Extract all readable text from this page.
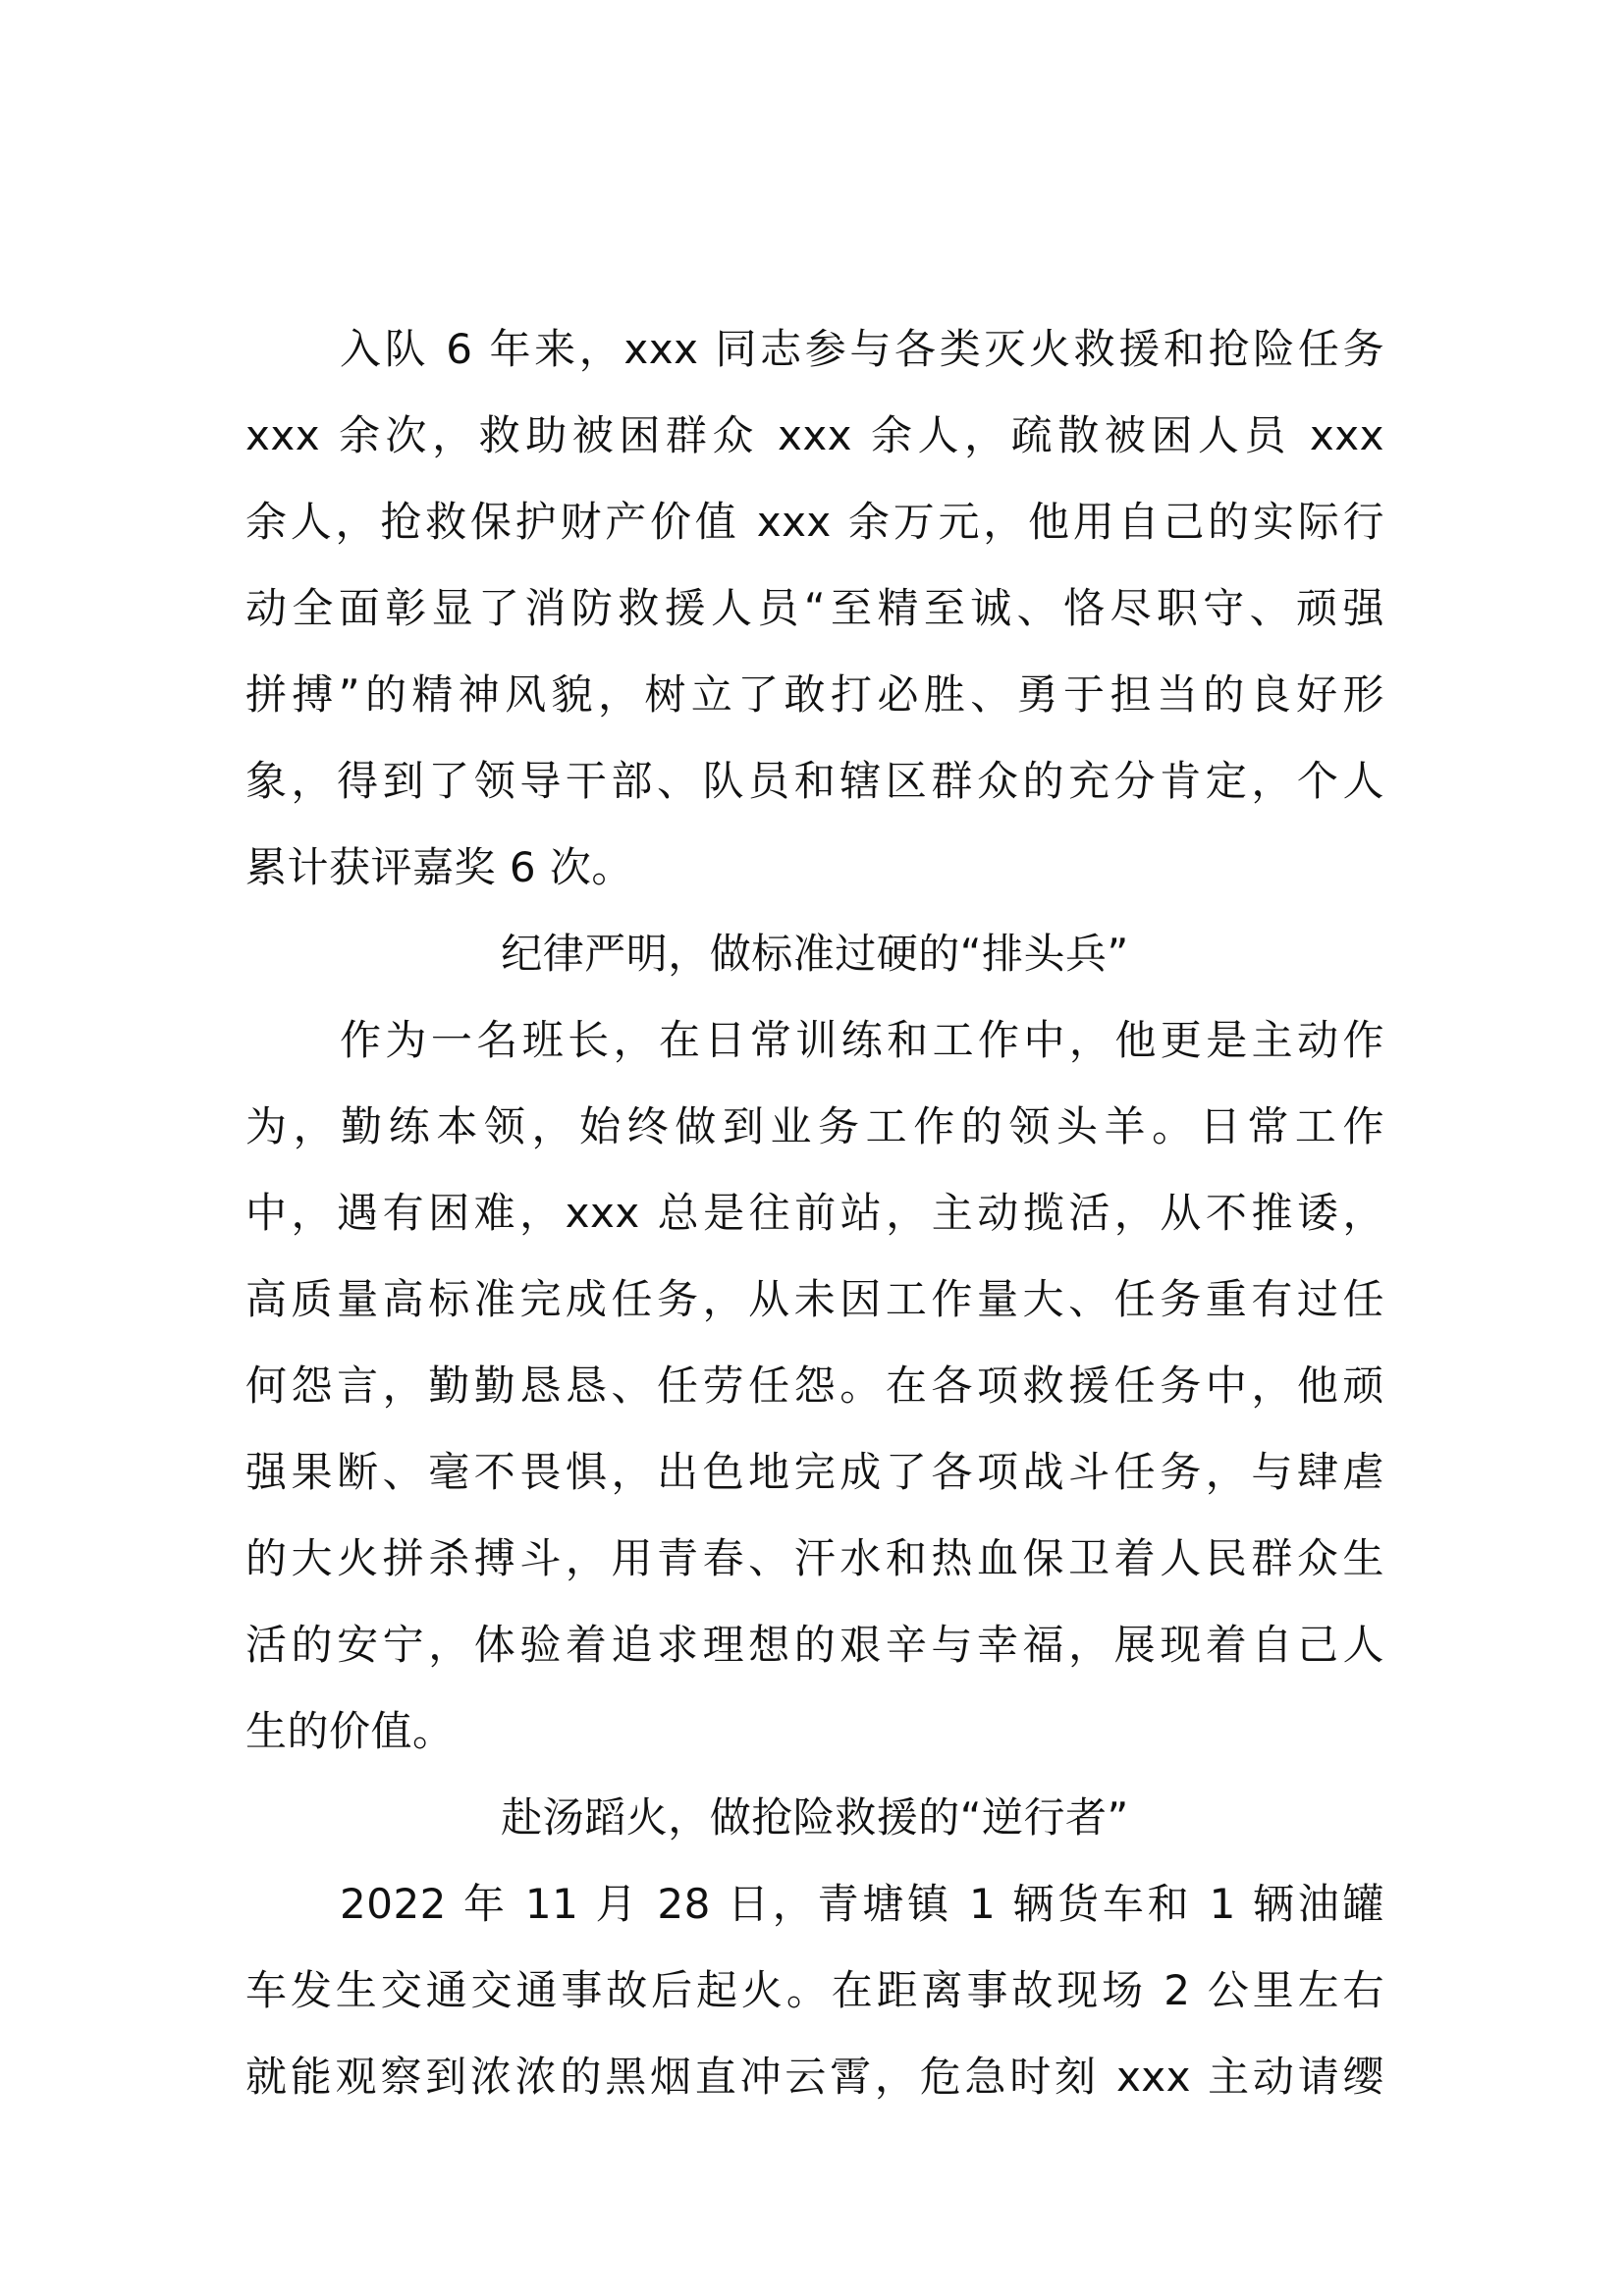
入队 6 年来，xxx 同志参与各类灭火救援和抢险任务
xxx 余次，救助被困群众 xxx 余人，疏散被困人员 xxx
余人，抢救保护财产价值 xxx 余万元，他用自己的实际行
动全面彰显了消防救援人员“至精至诚、恪尽职守、顽强
拼搏”的精神风貌，树立了敢打必胜、勇于担当的良好形
象，得到了领导干部、队员和辖区群众的充分肯定，个人
累计获评嘉奖 6 次。
纪律严明，做标准过硬的“排头兵”
作为一名班长，在日常训练和工作中，他更是主动作
为，勤练本领，始终做到业务工作的领头羊。日常工作
中，遇有困难，xxx 总是往前站，主动揽活，从不推诿，
高质量高标准完成任务，从未因工作量大、任务重有过任
何怨言，勤勤恳恳、任劳任怨。在各项救援任务中，他顽
强果断、毫不畏惧，出色地完成了各项战斗任务，与肆虐
的大火拼杀搏斗，用青春、汗水和热血保卫着人民群众生
活的安宁，体验着追求理想的艰辛与幸福，展现着自己人
生的价值。
赴汤蹈火，做抢险救援的“逆行者”
2022 年 11 月 28 日，青塘镇 1 辆货车和 1 辆油罐
车发生交通交通事故后起火。在距离事故现场 2 公里左右
就能观察到浓浓的黑烟直冲云霄，危急时刻 xxx 主动请缨
